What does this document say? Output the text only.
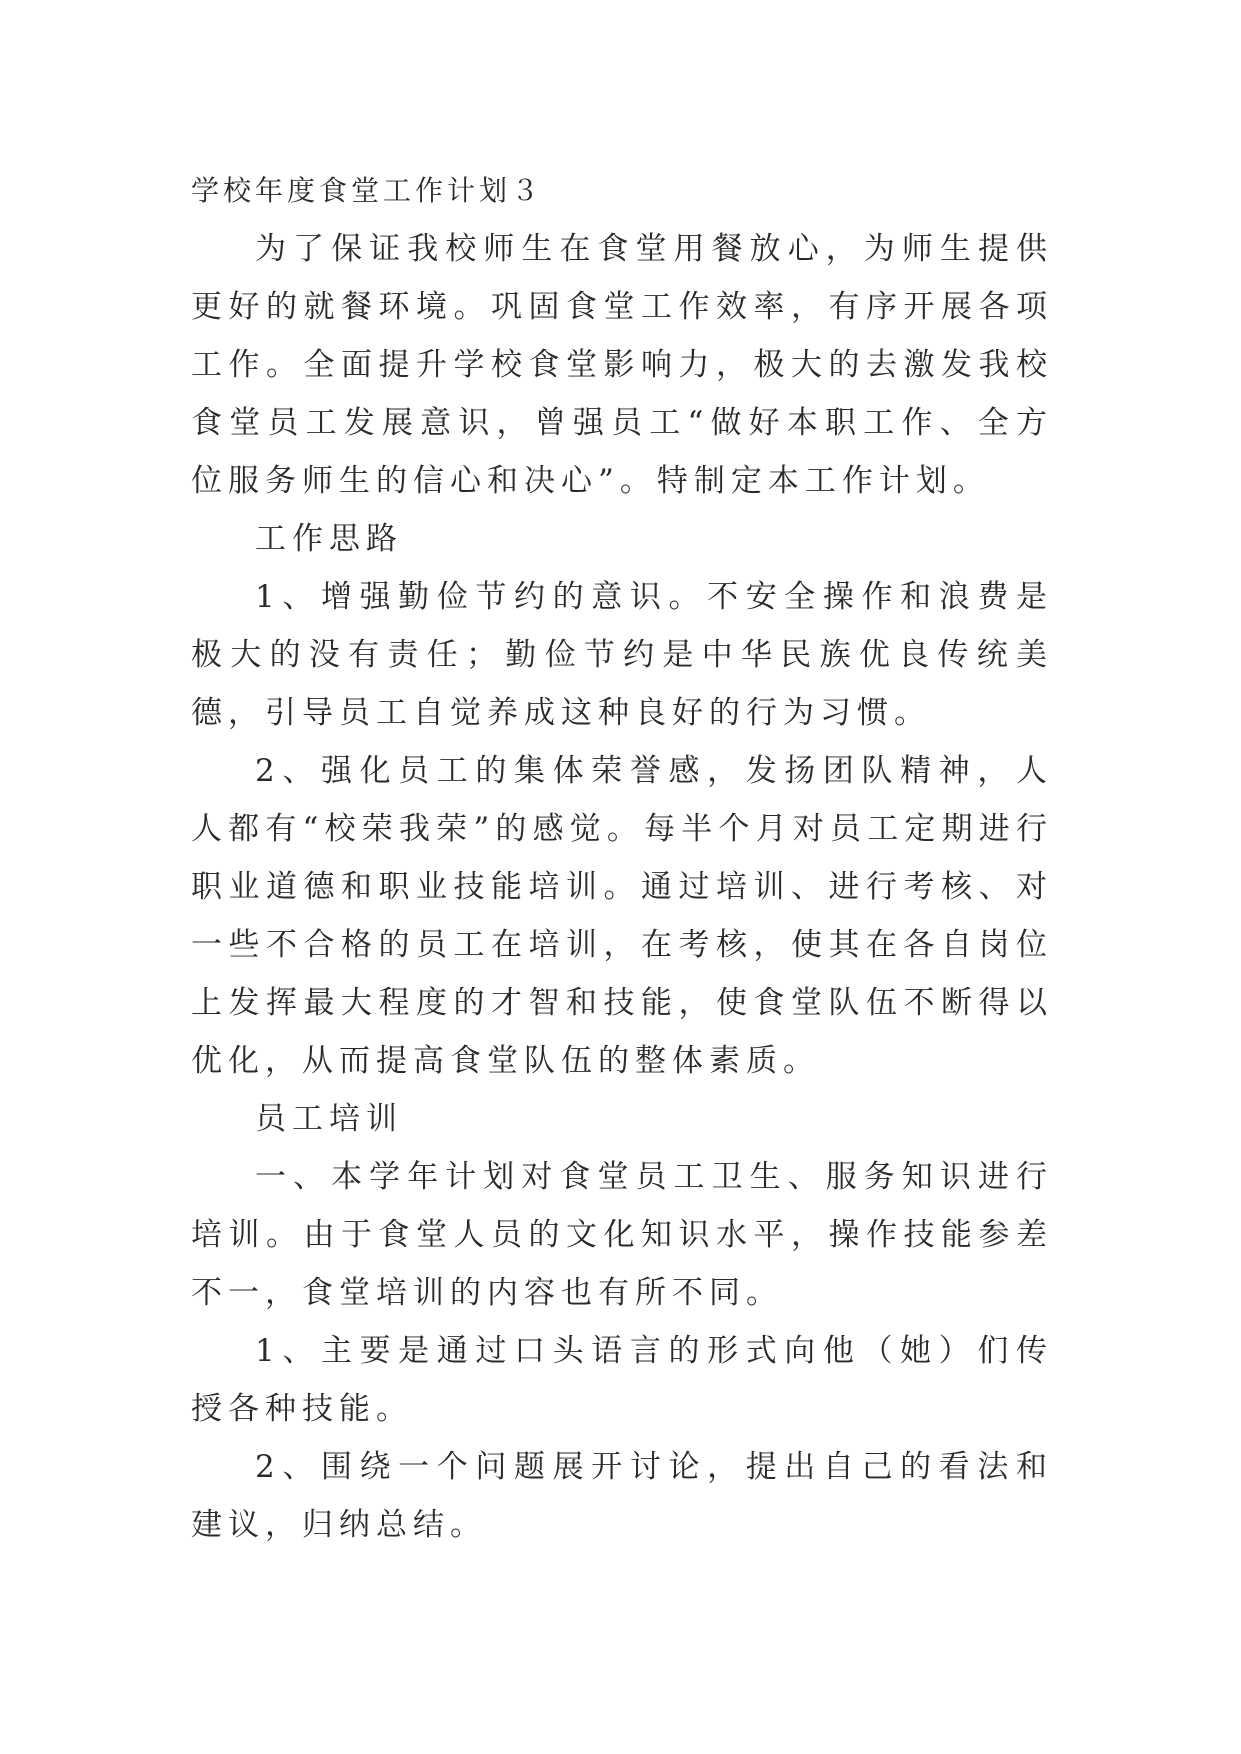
学校年度食堂工作计划３

为了保证我校师生在食堂用餐放心，为师生提供更好的就餐环境。巩固食堂工作效率，有序开展各项工作。全面提升学校食堂影响力，极大的去激发我校食堂员工发展意识，曾强员工“做好本职工作、全方位服务师生的信心和决心”。特制定本工作计划。

工作思路

1、增强勤俭节约的意识。不安全操作和浪费是极大的没有责任；勤俭节约是中华民族优良传统美德，引导员工自觉养成这种良好的行为习惯。

2、强化员工的集体荣誉感，发扬团队精神，人人都有“校荣我荣”的感觉。每半个月对员工定期进行职业道德和职业技能培训。通过培训、进行考核、对一些不合格的员工在培训，在考核，使其在各自岗位上发挥最大程度的才智和技能，使食堂队伍不断得以优化，从而提高食堂队伍的整体素质。

员工培训

一、本学年计划对食堂员工卫生、服务知识进行培训。由于食堂人员的文化知识水平，操作技能参差不一，食堂培训的内容也有所不同。

1、主要是通过口头语言的形式向他（她）们传授各种技能。

2、围绕一个问题展开讨论，提出自己的看法和建议，归纳总结。
